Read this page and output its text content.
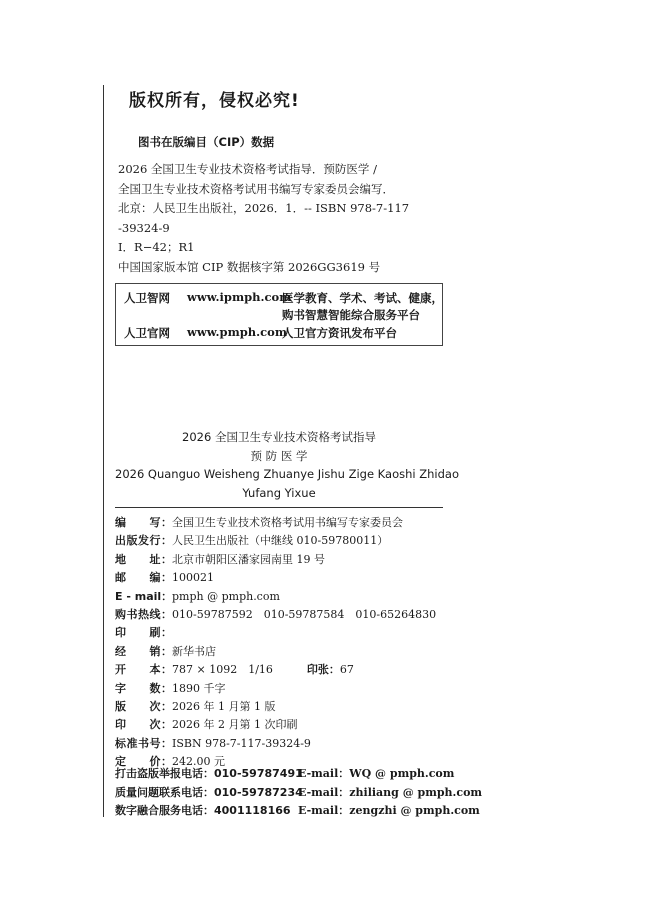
版权所有，侵权必究!
图书在版编目（CIP）数据
2026 全国卫生专业技术资格考试指导．预防医学 /
全国卫生专业技术资格考试用书编写专家委员会编写．
北京：人民卫生出版社，2026．1．-- ISBN 978-7-117
-39324-9
Ⅰ．R−42；R1
中国国家版本馆 CIP 数据核字第 2026GG3619 号
人卫智网 www.ipmph.com
医学教育、学术、考试、健康，
购书智慧智能综合服务平台
人卫官网 www.pmph.com
人卫官方资讯发布平台
2026 全国卫生专业技术资格考试指导
预 防 医 学
2026 Quanguo Weisheng Zhuanye Jishu Zige Kaoshi Zhidao
Yufang Yixue
编　　写：全国卫生专业技术资格考试用书编写专家委员会
出版发行：人民卫生出版社（中继线 010-59780011）
地　　址：北京市朝阳区潘家园南里 19 号
邮　　编：100021
E - mail：pmph @ pmph.com
购书热线：010-59787592　010-59787584　010-65264830
印　　刷：
经　　销：新华书店
开　　本：787 × 1092　1/16	印张：67
字　　数：1890 千字
版　　次：2026 年 1 月第 1 版
印　　次：2026 年 2 月第 1 次印刷
标准书号：ISBN 978-7-117-39324-9
定　　价：242.00 元
打击盗版举报电话：010-59787491
E-mail：WQ @ pmph.com
质量问题联系电话：010-59787234
E-mail：zhiliang @ pmph.com
数字融合服务电话：4001118166 E-mail：zengzhi @ pmph.com
